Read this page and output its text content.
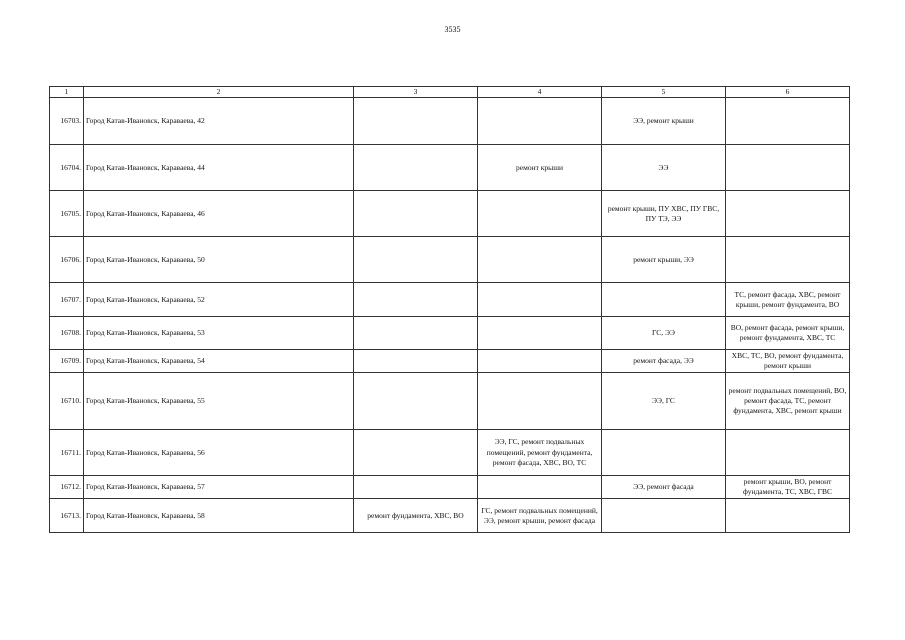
3535
1	2	3	4	5	6
16703.	Город Катав-Ивановск, Караваева, 42			ЭЭ, ремонт крыши	
16704.	Город Катав-Ивановск, Караваева, 44		ремонт крыши	ЭЭ	
16705.	Город Катав-Ивановск, Караваева, 46			ремонт крыши, ПУ ХВС, ПУ ГВС, ПУ ТЭ, ЭЭ	
16706.	Город Катав-Ивановск, Караваева, 50			ремонт крыши, ЭЭ	
16707.	Город Катав-Ивановск, Караваева, 52				ТС, ремонт фасада, ХВС, ремонт крыши, ремонт фундамента, ВО
16708.	Город Катав-Ивановск, Караваева, 53			ГС, ЭЭ	ВО, ремонт фасада, ремонт крыши, ремонт фундамента, ХВС, ТС
16709.	Город Катав-Ивановск, Караваева, 54			ремонт фасада, ЭЭ	ХВС, ТС, ВО, ремонт фундамента, ремонт крыши
16710.	Город Катав-Ивановск, Караваева, 55			ЭЭ, ГС	ремонт подвальных помещений, ВО, ремонт фасада, ТС, ремонт фундамента, ХВС, ремонт крыши
16711.	Город Катав-Ивановск, Караваева, 56		ЭЭ, ГС, ремонт подвальных помещений, ремонт фундамента, ремонт фасада, ХВС, ВО, ТС		
16712.	Город Катав-Ивановск, Караваева, 57			ЭЭ, ремонт фасада	ремонт крыши, ВО, ремонт фундамента, ТС, ХВС, ГВС
16713.	Город Катав-Ивановск, Караваева, 58	ремонт фундамента, ХВС, ВО	ГС, ремонт подвальных помещений, ЭЭ, ремонт крыши, ремонт фасада		
